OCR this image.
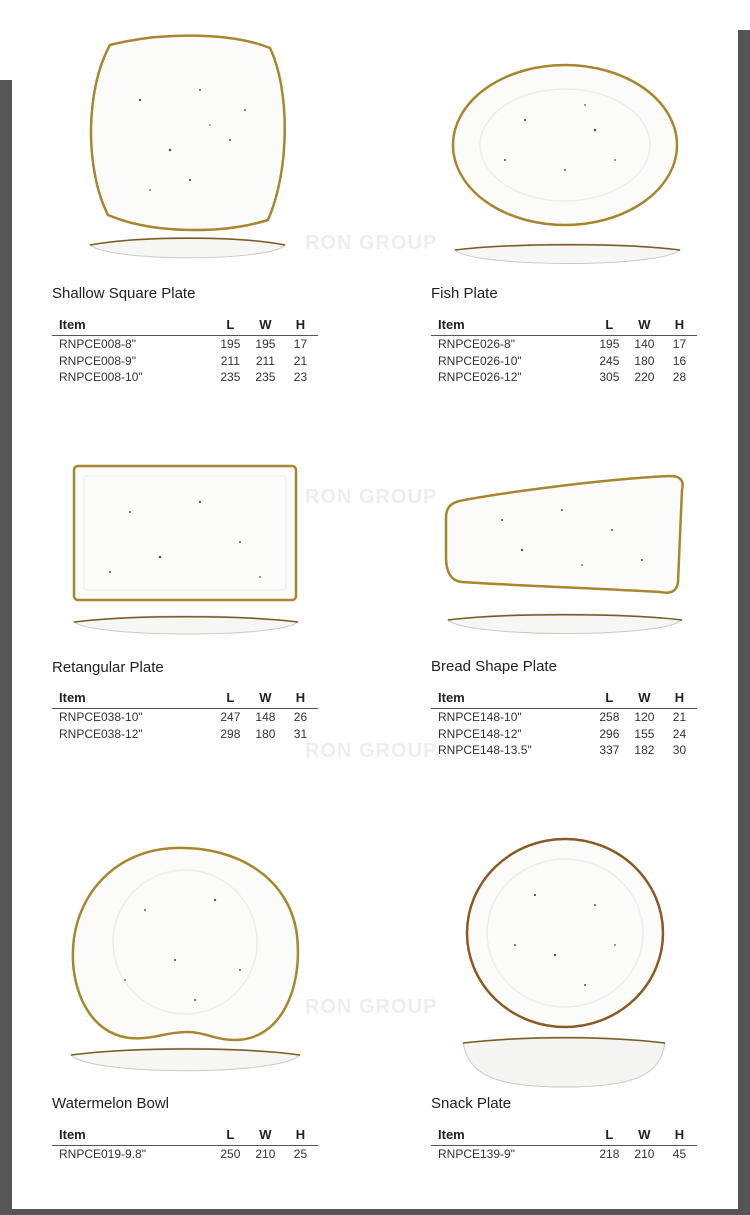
RON GROUP
RON GROUP
RON GROUP
RON GROUP
Shallow Square Plate
Item	L	W	H
RNPCE008-8"	195	195	17
RNPCE008-9"	211	211	21
RNPCE008-10"	235	235	23
Fish Plate
Item	L	W	H
RNPCE026-8"	195	140	17
RNPCE026-10"	245	180	16
RNPCE026-12"	305	220	28
Retangular Plate
Item	L	W	H
RNPCE038-10"	247	148	26
RNPCE038-12"	298	180	31
Bread Shape Plate
Item	L	W	H
RNPCE148-10"	258	120	21
RNPCE148-12"	296	155	24
RNPCE148-13.5"	337	182	30
Watermelon Bowl
Item	L	W	H
RNPCE019-9.8"	250	210	25
Snack Plate
Item	L	W	H
RNPCE139-9"	218	210	45
